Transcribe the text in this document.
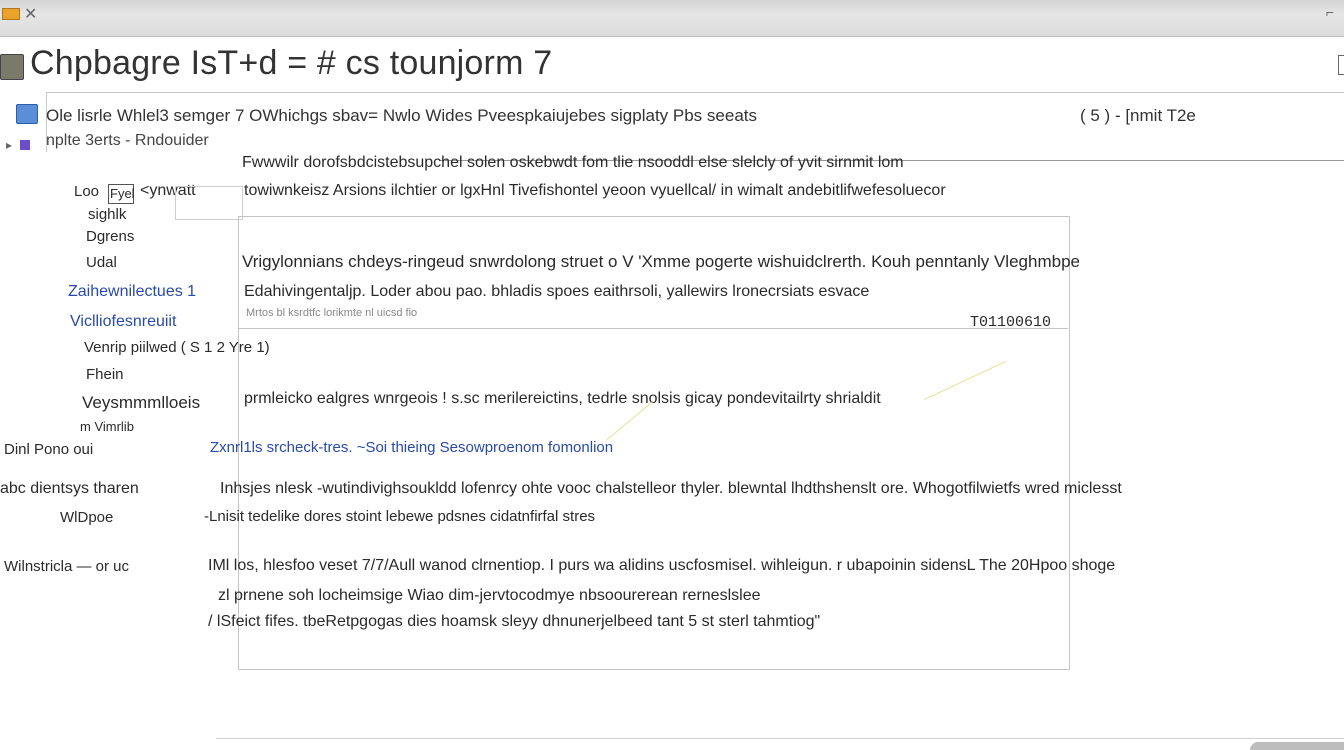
✕	⌐
Chpbagre IsT+d = # cs tounjorm 7
Ole lisrle Whlel3 semger 7 OWhichgs sbav= Nwlo Wides Pveespkaiujebes sigplaty Pbs seeats
▸ nplte 3erts - Rndouider
( 5 ) - [nmit T2e
Fwwwilr dorofsbdcistebsupchel solen oskebwdt fom tlie nsooddl else slelcly of yvit sirnmit lom
Loo Fyel <ynwatt	towiwnkeisz Arsions ilchtier or lgxHnl Tivefishontel yeoon vyuellcal/ in wimalt andebitlifwefesoluecor
sighlk
Dgrens
Udal	Vrigylonnians chdeys-ringeud snwrdolong struet o V 'Xmme pogerte wishuidclrerth. Kouh penntanly Vleghmbpe
Zaihewnilectues 1	Edahivingentaljp. Loder abou pao. bhladis spoes eaithrsoli, yallewirs lronecrsiats esvace
Viclliofesnreuiit	Mrtos bl ksrdtfc lorikmte nl uicsd fio
T01100610
Venrip piilwed ( S 1 2 Yre 1)
Fhein
Veysmmmlloeis	prmleicko ealgres wnrgeois ! s.sc merilereictins, tedrle snolsis gicay pondevitailrty shrialdit
m Vimrlib
Dinl Pono oui	Zxnrl1ls srcheck-tres. ~Soi thieing Sesowproenom fomonlion
abc dientsys tharen	Inhsjes nlesk -wutindivighsoukldd lofenrcy ohte vooc chalstelleor thyler. blewntal lhdthshenslt ore. Whogotfilwietfs wred miclesst
WlDpoe	-Lnisit tedelike dores stoint lebewe pdsnes cidatnfirfal stres
Wilnstricla — or uc	IMl los, hlesfoo veset 7/7/Aull wanod clrnentiop. I purs wa alidins uscfosmisel. wihleigun. r ubapoinin sidensL The 20Hpoo shoge
zl prnene soh locheimsige Wiao dim-jervtocodmye nbsoourerean rerneslslee
/ lSfeict fifes. tbeRetpgogas dies hoamsk sleyy dhnunerjelbeed tant 5 st sterl tahmtiog"
